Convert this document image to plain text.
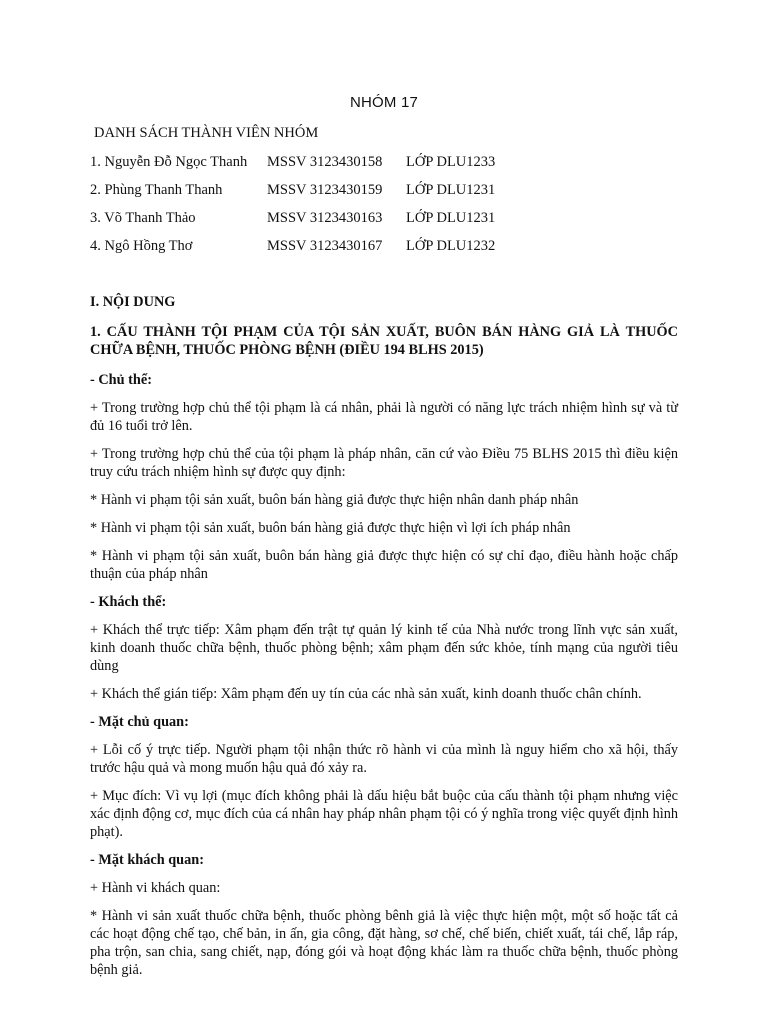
NHÓM 17
DANH SÁCH THÀNH VIÊN NHÓM
1. Nguyễn Đỗ Ngọc Thanh MSSV 3123430158 LỚP DLU1233
2. Phùng Thanh Thanh	MSSV 3123430159 LỚP DLU1231
3. Võ Thanh Thảo	MSSV 3123430163 LỚP DLU1231
4. Ngô Hồng Thơ	MSSV 3123430167 LỚP DLU1232

I. NỘI DUNG

1. CẤU THÀNH TỘI PHẠM CỦA TỘI SẢN XUẤT, BUÔN BÁN HÀNG GIẢ LÀ THUỐC CHỮA BỆNH, THUỐC PHÒNG BỆNH (ĐIỀU 194 BLHS 2015)

- Chủ thể:

+ Trong trường hợp chủ thể tội phạm là cá nhân, phải là người có năng lực trách nhiệm hình sự và từ đủ 16 tuổi trở lên.

+ Trong trường hợp chủ thể của tội phạm là pháp nhân, căn cứ vào Điều 75 BLHS 2015 thì điều kiện truy cứu trách nhiệm hình sự được quy định:

* Hành vi phạm tội sản xuất, buôn bán hàng giả được thực hiện nhân danh pháp nhân

* Hành vi phạm tội sản xuất, buôn bán hàng giả được thực hiện vì lợi ích pháp nhân

* Hành vi phạm tội sản xuất, buôn bán hàng giả được thực hiện có sự chỉ đạo, điều hành hoặc chấp thuận của pháp nhân

- Khách thể:

+ Khách thể trực tiếp: Xâm phạm đến trật tự quản lý kinh tế của Nhà nước trong lĩnh vực sản xuất, kinh doanh thuốc chữa bệnh, thuốc phòng bệnh; xâm phạm đến sức khỏe, tính mạng của người tiêu dùng

+ Khách thể gián tiếp: Xâm phạm đến uy tín của các nhà sản xuất, kinh doanh thuốc chân chính.

- Mặt chủ quan:

+ Lỗi cố ý trực tiếp. Người phạm tội nhận thức rõ hành vi của mình là nguy hiểm cho xã hội, thấy trước hậu quả và mong muốn hậu quả đó xảy ra.

+ Mục đích: Vì vụ lợi (mục đích không phải là dấu hiệu bắt buộc của cấu thành tội phạm nhưng việc xác định động cơ, mục đích của cá nhân hay pháp nhân phạm tội có ý nghĩa trong việc quyết định hình phạt).

- Mặt khách quan:

+ Hành vi khách quan:

* Hành vi sản xuất thuốc chữa bệnh, thuốc phòng bênh giả là việc thực hiện một, một số hoặc tất cả các hoạt động chế tạo, chế bản, in ấn, gia công, đặt hàng, sơ chế, chế biến, chiết xuất, tái chế, lắp ráp, pha trộn, san chia, sang chiết, nạp, đóng gói và hoạt động khác làm ra thuốc chữa bệnh, thuốc phòng bệnh giả.
